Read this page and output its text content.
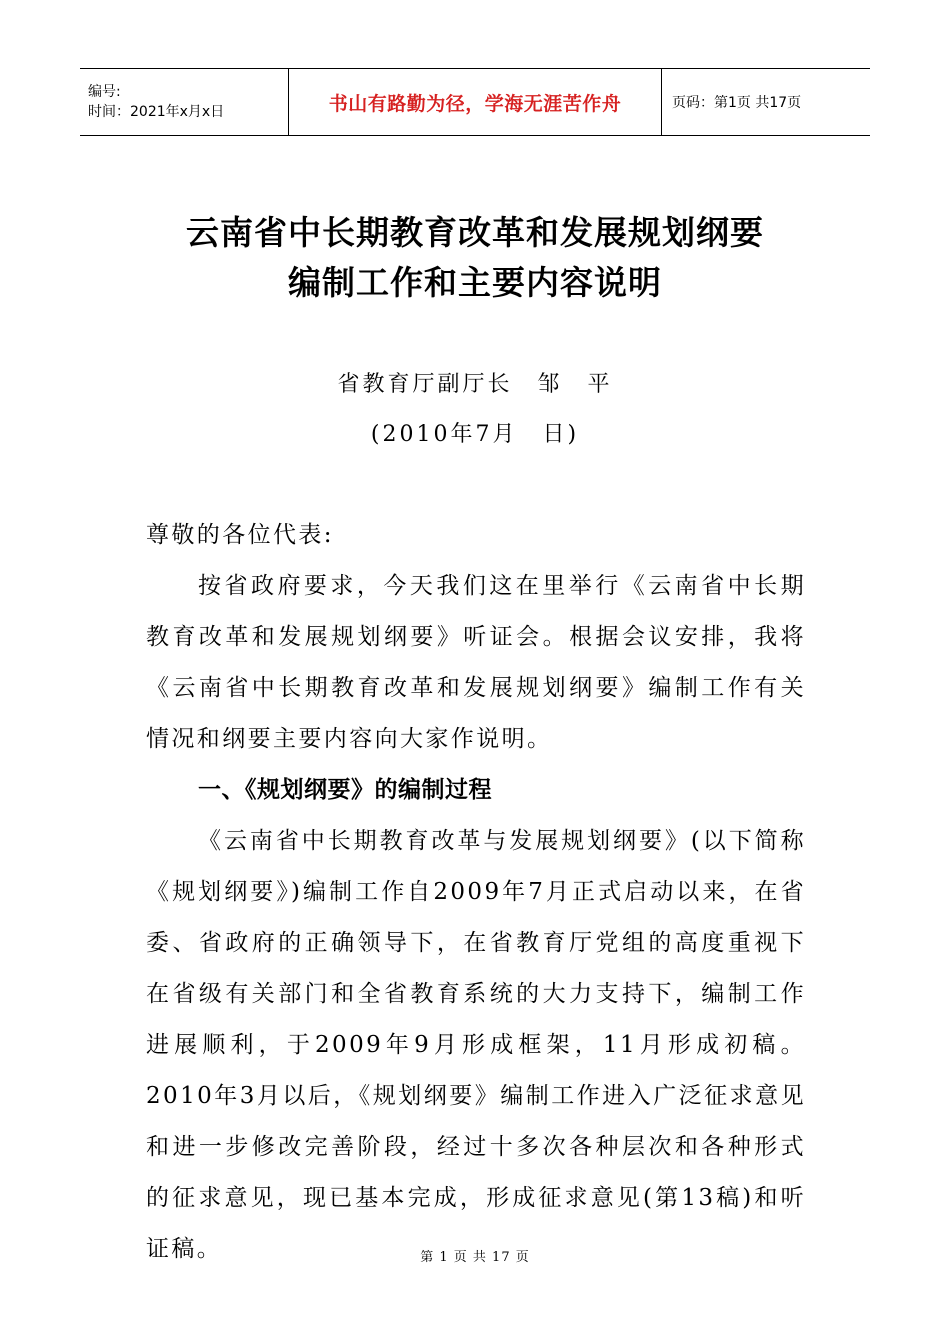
编号:
时间：2021年x月x日	书山有路勤为径，学海无涯苦作舟	页码：第1页 共17页
云南省中长期教育改革和发展规划纲要
编制工作和主要内容说明
省教育厅副厅长　邹　平
(2010年7月　日)

尊敬的各位代表:

按省政府要求，今天我们这在里举行《云南省中长期教育改革和发展规划纲要》听证会。根据会议安排，我将《云南省中长期教育改革和发展规划纲要》编制工作有关情况和纲要主要内容向大家作说明。

一、《规划纲要》的编制过程

《云南省中长期教育改革与发展规划纲要》(以下简称《规划纲要》)编制工作自2009年7月正式启动以来，在省委、省政府的正确领导下，在省教育厅党组的高度重视下在省级有关部门和全省教育系统的大力支持下，编制工作进展顺利，于2009年9月形成框架，11月形成初稿。2010年3月以后，《规划纲要》编制工作进入广泛征求意见和进一步修改完善阶段，经过十多次各种层次和各种形式的征求意见，现已基本完成，形成征求意见(第13稿)和听证稿。	第 1 页 共 17 页
